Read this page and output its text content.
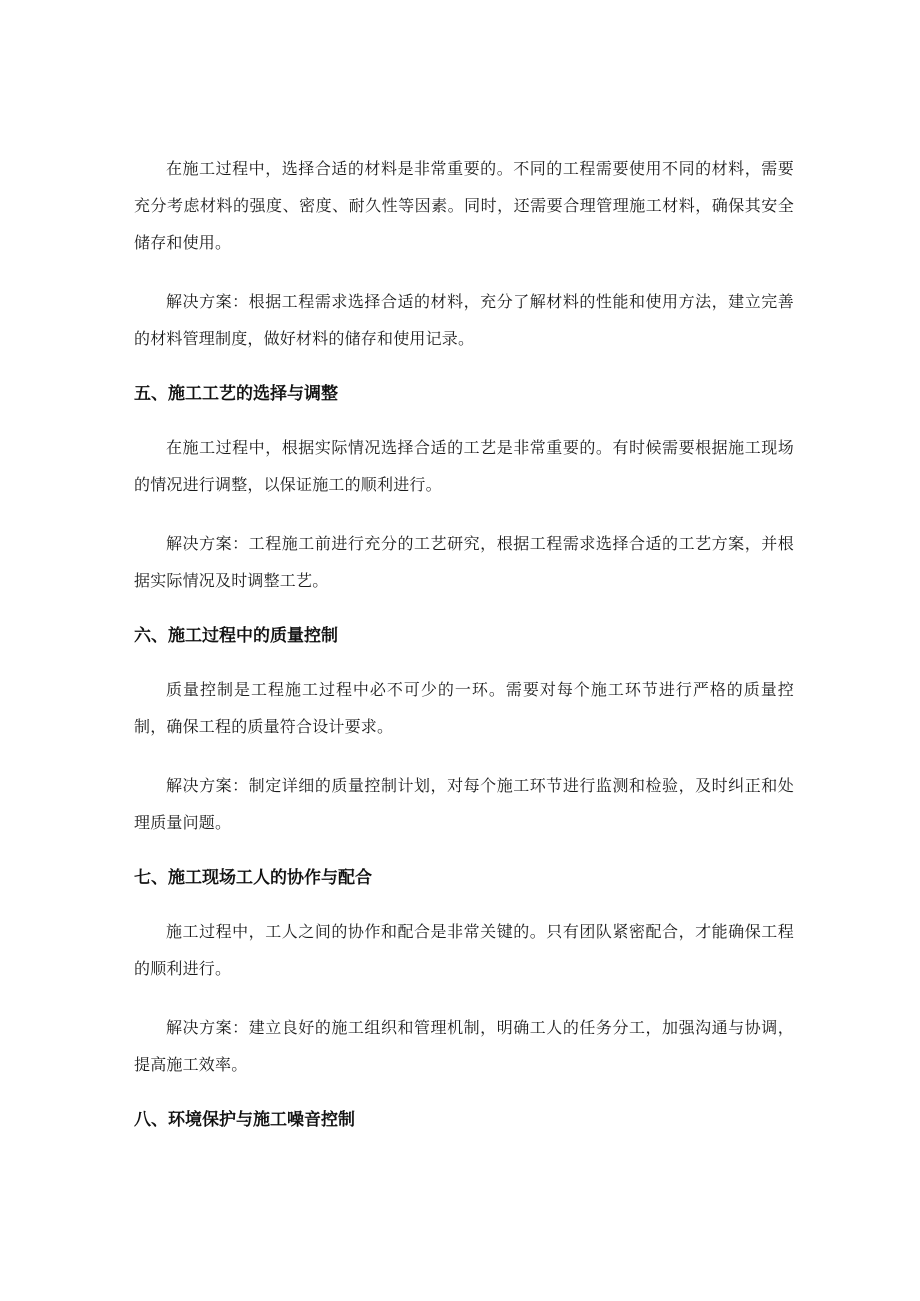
在施工过程中，选择合适的材料是非常重要的。不同的工程需要使用不同的材料，需要充分考虑材料的强度、密度、耐久性等因素。同时，还需要合理管理施工材料，确保其安全储存和使用。

解决方案：根据工程需求选择合适的材料，充分了解材料的性能和使用方法，建立完善的材料管理制度，做好材料的储存和使用记录。

五、施工工艺的选择与调整

在施工过程中，根据实际情况选择合适的工艺是非常重要的。有时候需要根据施工现场的情况进行调整，以保证施工的顺利进行。

解决方案：工程施工前进行充分的工艺研究，根据工程需求选择合适的工艺方案，并根据实际情况及时调整工艺。

六、施工过程中的质量控制

质量控制是工程施工过程中必不可少的一环。需要对每个施工环节进行严格的质量控制，确保工程的质量符合设计要求。

解决方案：制定详细的质量控制计划，对每个施工环节进行监测和检验，及时纠正和处理质量问题。

七、施工现场工人的协作与配合

施工过程中，工人之间的协作和配合是非常关键的。只有团队紧密配合，才能确保工程的顺利进行。

解决方案：建立良好的施工组织和管理机制，明确工人的任务分工，加强沟通与协调，提高施工效率。

八、环境保护与施工噪音控制
